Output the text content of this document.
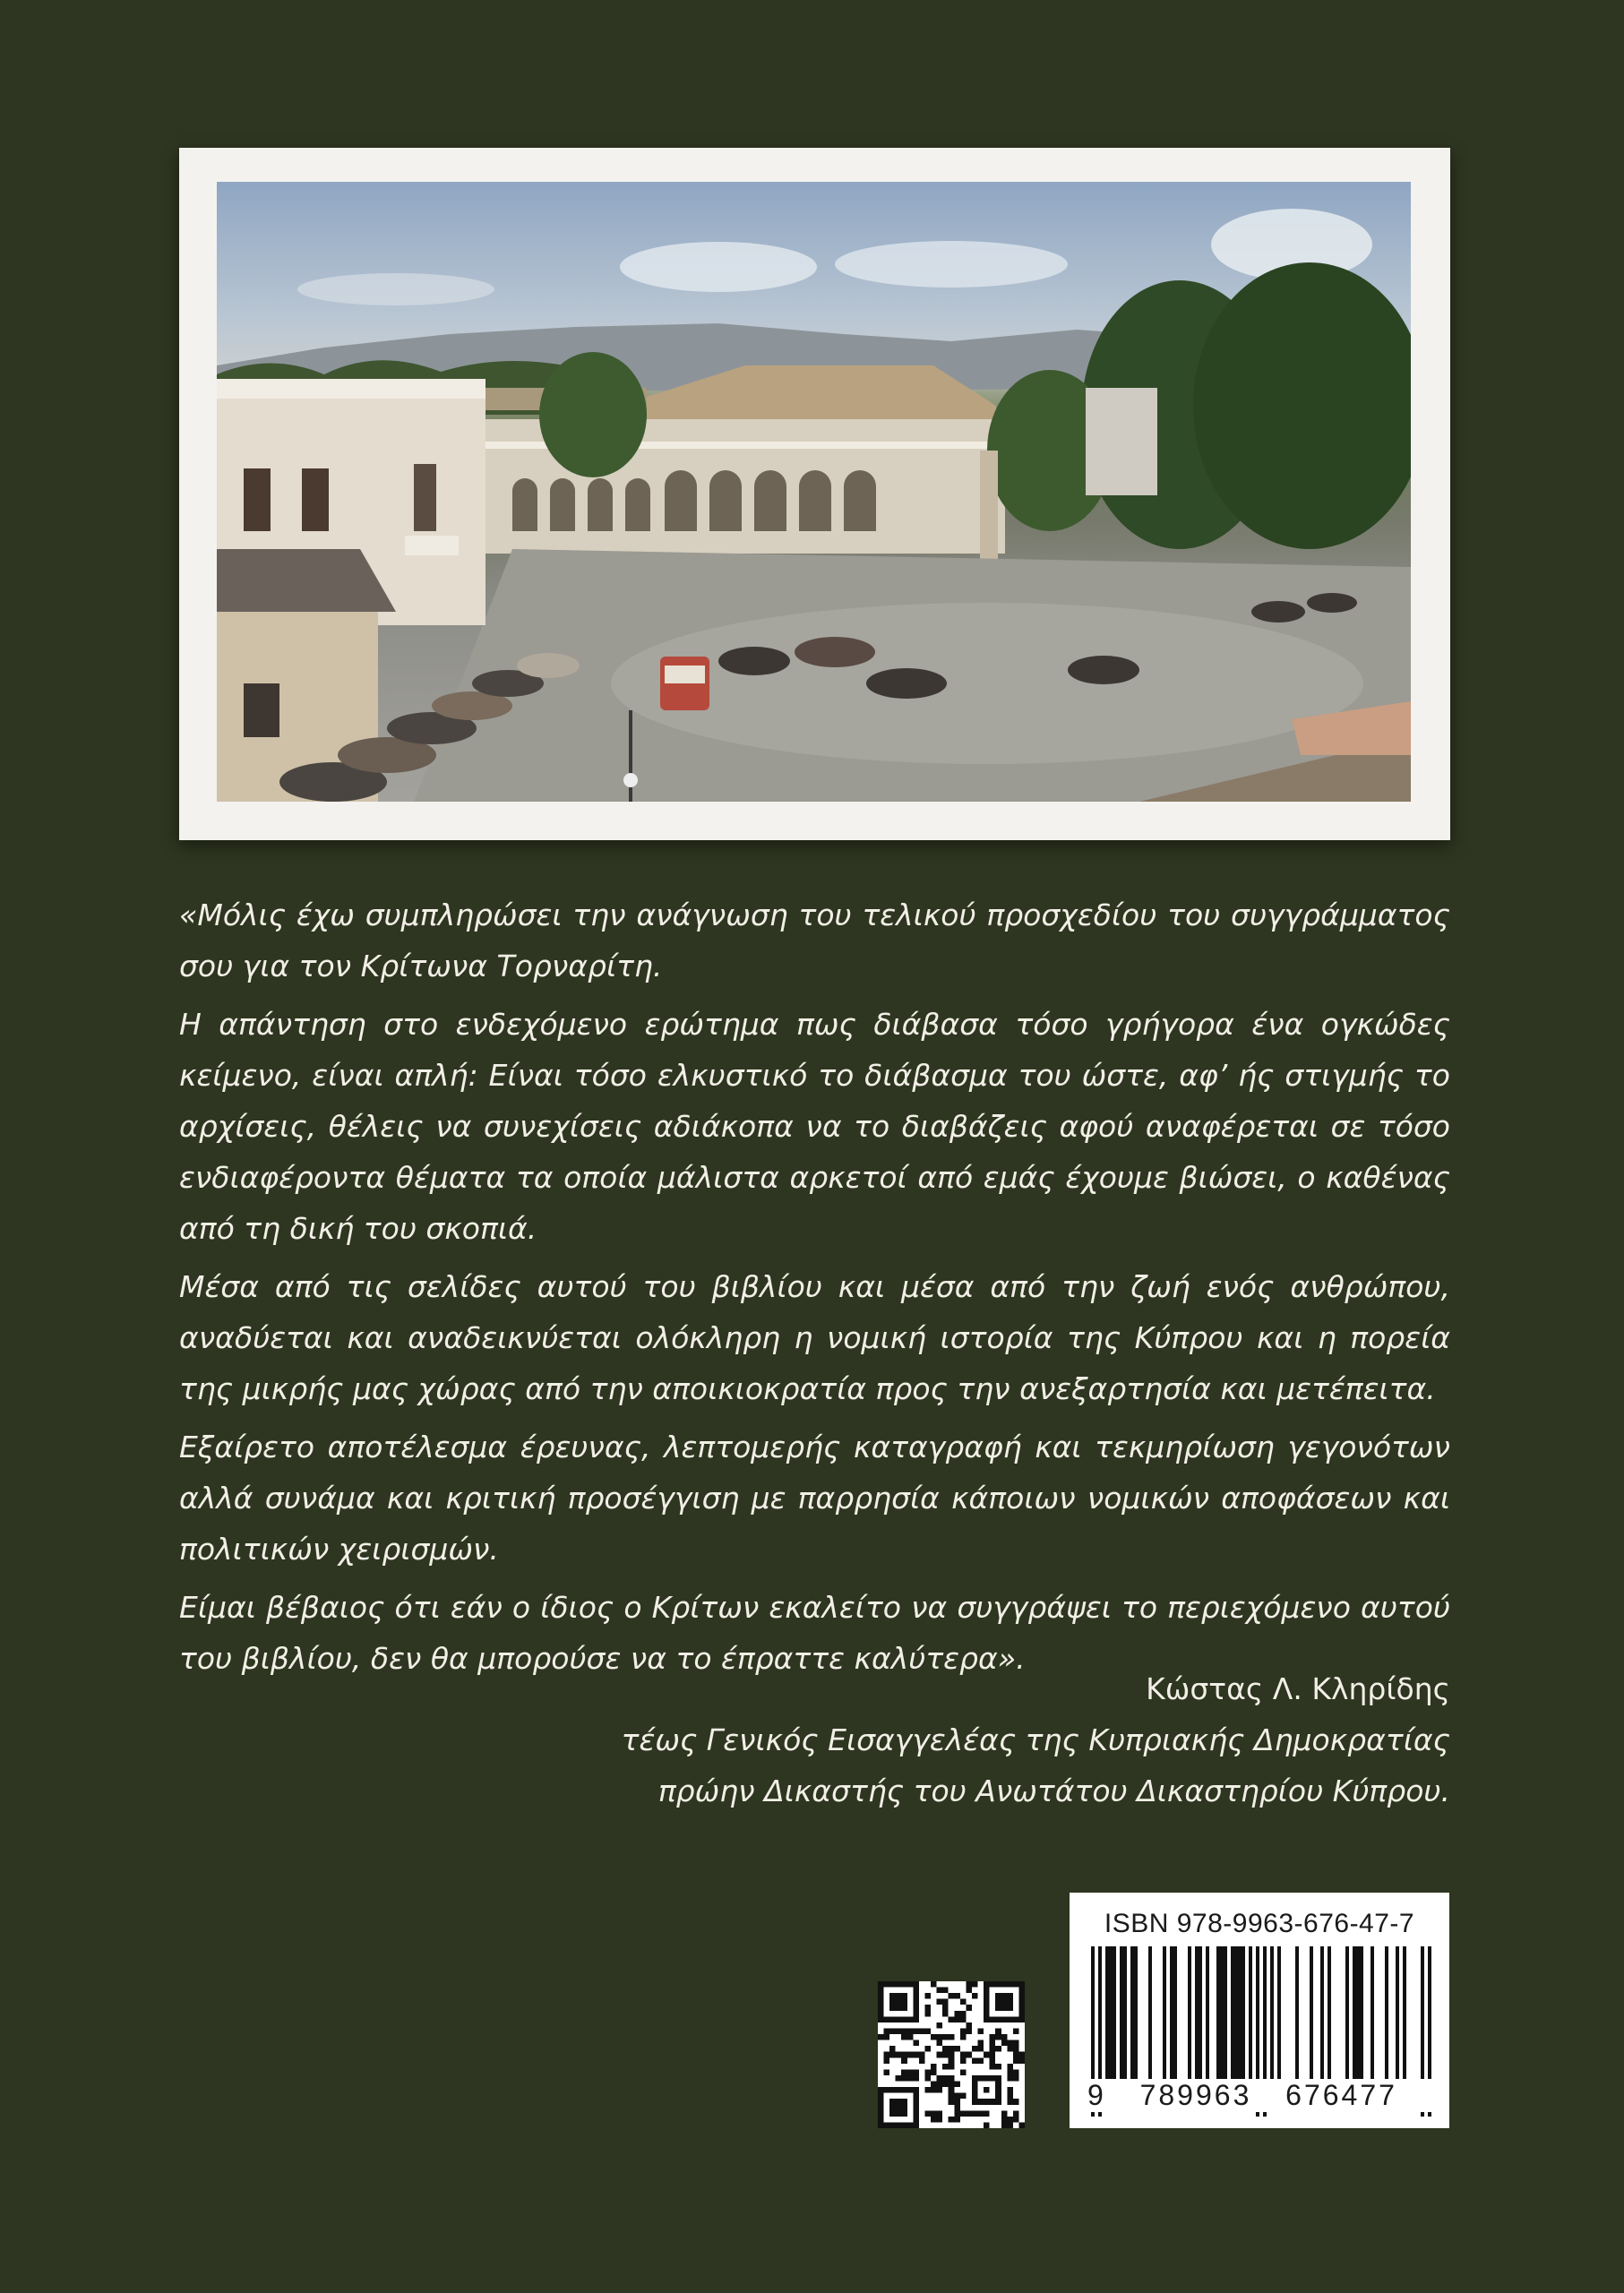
«Μόλις έχω συμπληρώσει την ανάγνωση του τελικού προσχεδίου του συγγράμματος σου για τον Κρίτωνα Τορναρίτη.

Η απάντηση στο ενδεχόμενο ερώτημα πως διάβασα τόσο γρήγορα ένα ογκώδες κείμενο, είναι απλή: Είναι τόσο ελκυστικό το διάβασμα του ώστε, αφ’ ής στιγμής το αρχίσεις, θέλεις να συνεχίσεις αδιάκοπα να το διαβάζεις αφού αναφέρεται σε τόσο ενδιαφέροντα θέματα τα οποία μάλιστα αρκετοί από εμάς έχουμε βιώσει, ο καθένας από τη δική του σκοπιά.

Μέσα από τις σελίδες αυτού του βιβλίου και μέσα από την ζωή ενός ανθρώπου, αναδύεται και αναδεικνύεται ολόκληρη η νομική ιστορία της Κύπρου και η πορεία της μικρής μας χώρας από την αποικιοκρατία προς την ανεξαρτησία και μετέπειτα.

Εξαίρετο αποτέλεσμα έρευνας, λεπτομερής καταγραφή και τεκμηρίωση γεγονότων αλλά συνάμα και κριτική προσέγγιση με παρρησία κάποιων νομικών αποφάσεων και πολιτικών χειρισμών.

Είμαι βέβαιος ότι εάν ο ίδιος ο Κρίτων εκαλείτο να συγγράψει το περιεχόμενο αυτού του βιβλίου, δεν θα μπορούσε να το έπραττε καλύτερα».

Κώστας Λ. Κληρίδης
τέως Γενικός Εισαγγελέας της Κυπριακής Δημοκρατίας
πρώην Δικαστής του Ανωτάτου Δικαστηρίου Κύπρου.
ISBN 978-9963-676-47-7
9 789963 676477
